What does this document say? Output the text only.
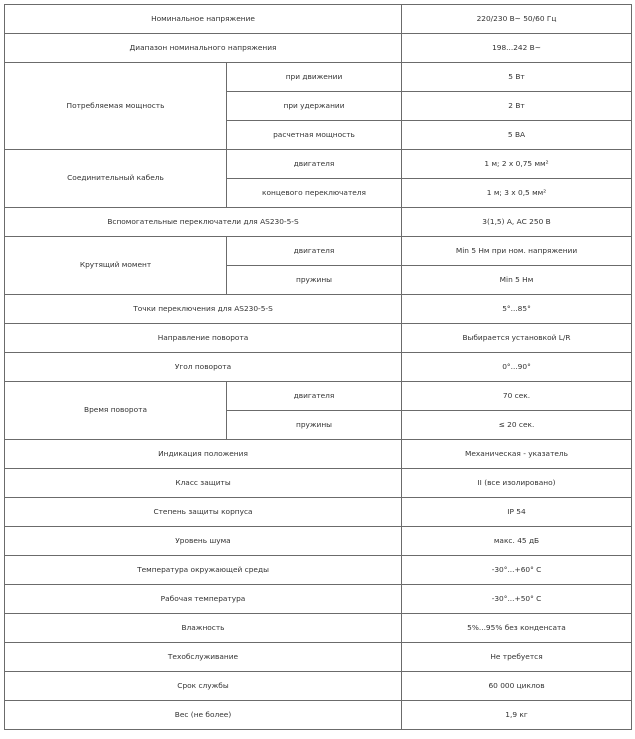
Номинальное напряжение		220/230 В~ 50/60 Гц
Диапазон номинального напряжения		198...242 В~
Потребляемая мощность	при движении	5 Вт
	при удержании	2 Вт
	расчетная мощность	5 ВА
Соединительный кабель	двигателя	1 м; 2 x 0,75 мм²
	концевого переключателя	1 м; 3 x 0,5 мм²
Вспомогательные переключатели для AS230-5-S		3(1,5) А, АС 250 В
Крутящий момент	двигателя	Min 5 Нм при ном. напряжении
	пружины	Min 5 Нм
Точки переключения для AS230-5-S		5°...85°
Направление поворота		Выбирается установкой L/R
Угол поворота		0°...90°
Время поворота	двигателя	70 сек.
	пружины	≤ 20 сек.
Индикация положения		Механическая - указатель
Класс защиты		II (все изолировано)
Степень защиты корпуса		IP 54
Уровень шума		макс. 45 дБ
Температура окружающей среды		-30°...+60° С
Рабочая температура		-30°...+50° С
Влажность		5%...95% без конденсата
Техобслуживание		Не требуется
Срок службы		60 000 циклов
Вес (не более)		1,9 кг
